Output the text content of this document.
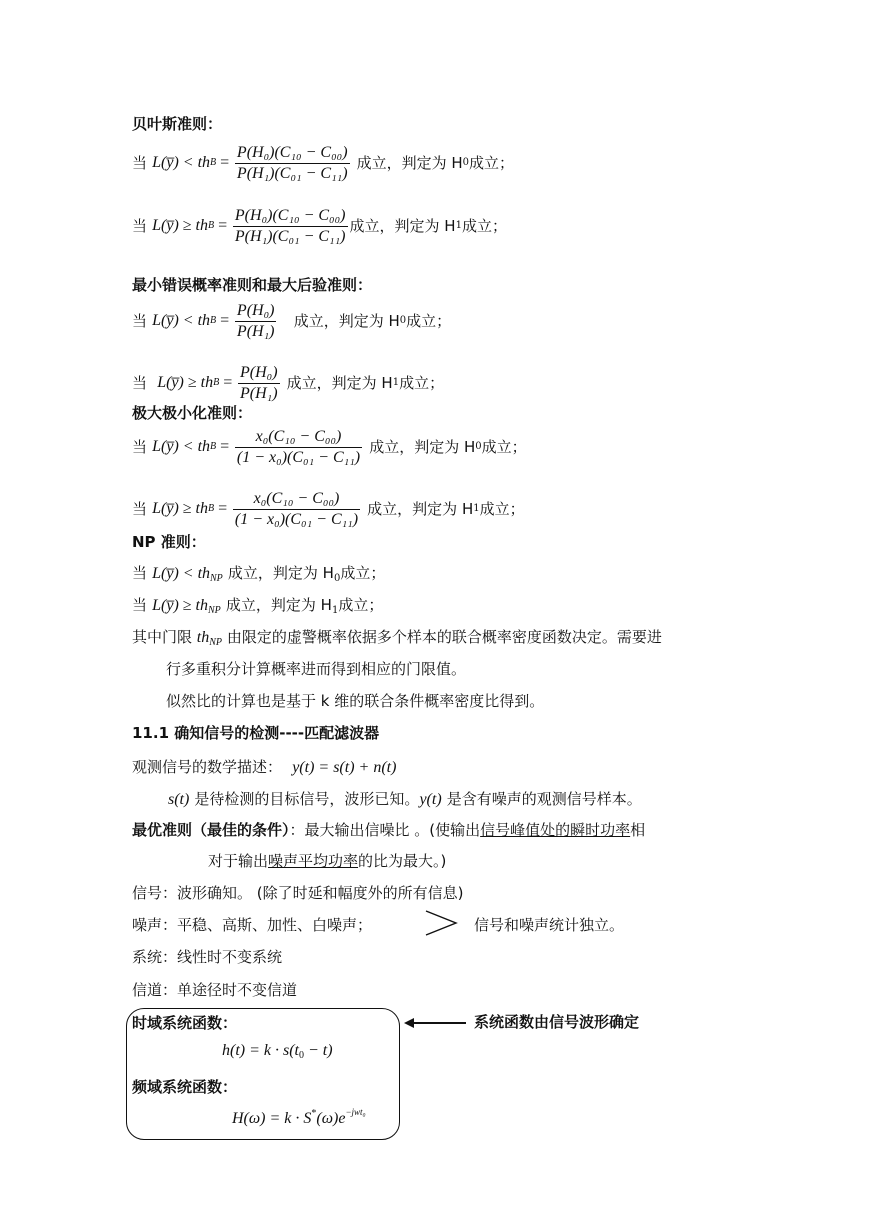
贝叶斯准则：
当
L(y̅) < th $B = \frac{\text{P(H₀)(C₁₀ − C₀₀)}}{\text{P(H₁)(C₀₁ − C₁₁)}}$
成立，判定为 H 0 成立；
当
L(y̅) ≥ th $B = \frac{\text{P(H₀)(C₁₀ − C₀₀)}}{\text{P(H₁)(C₀₁ − C₁₁)}}$ 成立，判定为 H 1 成立；
最小错误概率准则和最大后验准则：
当
L(y̅) < th $B = \frac{\text{P(H₀)}}{\text{P(H₁)}}$
成立，判定为 H 0 成立；
当
L(y̅) ≥ th $B = \frac{\text{P(H₀)}}{\text{P(H₁)}}$
成立，判定为 H 1 成立；
极大极小化准则：
当
L(y̅) < th $B = \frac{\text{x₀(C₁₀ − C₀₀)}}{\text{(1 − x₀)(C₀₁ − C₁₁)}}$
成立，判定为 H 0 成立；
当
L(y̅) ≥ th $B = \frac{\text{x₀(C₁₀ − C₀₀)}}{\text{(1 − x₀)(C₀₁ − C₁₁)}}$
成立，判定为 H 1 成立；
NP 准则：
当 L(y̅) < thNP 成立，判定为 $H_0$成立；
当 L(y̅) ≥ thNP 成立，判定为 $H_1$成立；
其中门限 $th_{NP}$ 由限定的虚警概率依据多个样本的联合概率密度函数决定。需要进
行多重积分计算概率进而得到相应的门限值。
似然比的计算也是基于 k 维的联合条件概率密度比得到。
11.1 确知信号的检测----匹配滤波器
观测信号的数学描述： y(t) = s(t) + n(t)
s(t) 是待检测的目标信号，波形已知。y(t) 是含有噪声的观测信号样本。
最优准则（最佳的条件）：最大输出信噪比 。(使输出信号峰值处的瞬时功率相
对于输出噪声平均功率的比为最大。)
信号：波形确知。 (除了时延和幅度外的所有信息)
噪声：平稳、高斯、加性、白噪声；	信号和噪声统计独立。
系统：线性时不变系统
信道：单途径时不变信道
时域系统函数：
$h(t) = k \cdot s(t_0 - t)$
频域系统函数：
$H(\omega) = k \cdot S^*(\omega)e^{-jwt_0}$
系统函数由信号波形确定
